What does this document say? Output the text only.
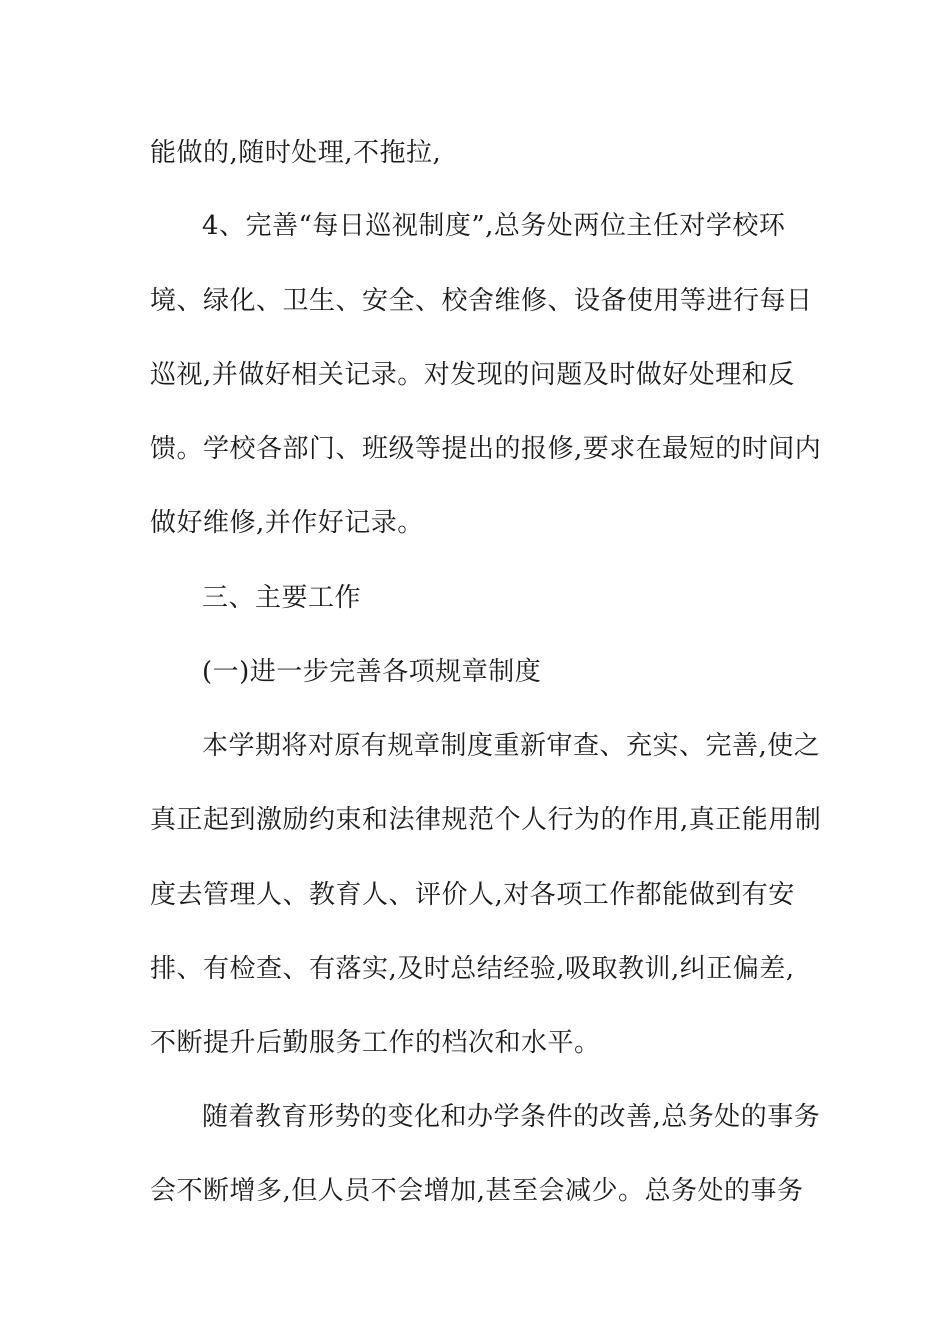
能做的,随时处理,不拖拉,
4、完善“每日巡视制度”,总务处两位主任对学校环
境、绿化、卫生、安全、校舍维修、设备使用等进行每日
巡视,并做好相关记录。对发现的问题及时做好处理和反
馈。学校各部门、班级等提出的报修,要求在最短的时间内
做好维修,并作好记录。
三、主要工作
(一)进一步完善各项规章制度
本学期将对原有规章制度重新审查、充实、完善,使之
真正起到激励约束和法律规范个人行为的作用,真正能用制
度去管理人、教育人、评价人,对各项工作都能做到有安
排、有检查、有落实,及时总结经验,吸取教训,纠正偏差,
不断提升后勤服务工作的档次和水平。
随着教育形势的变化和办学条件的改善,总务处的事务
会不断增多,但人员不会增加,甚至会减少。总务处的事务
